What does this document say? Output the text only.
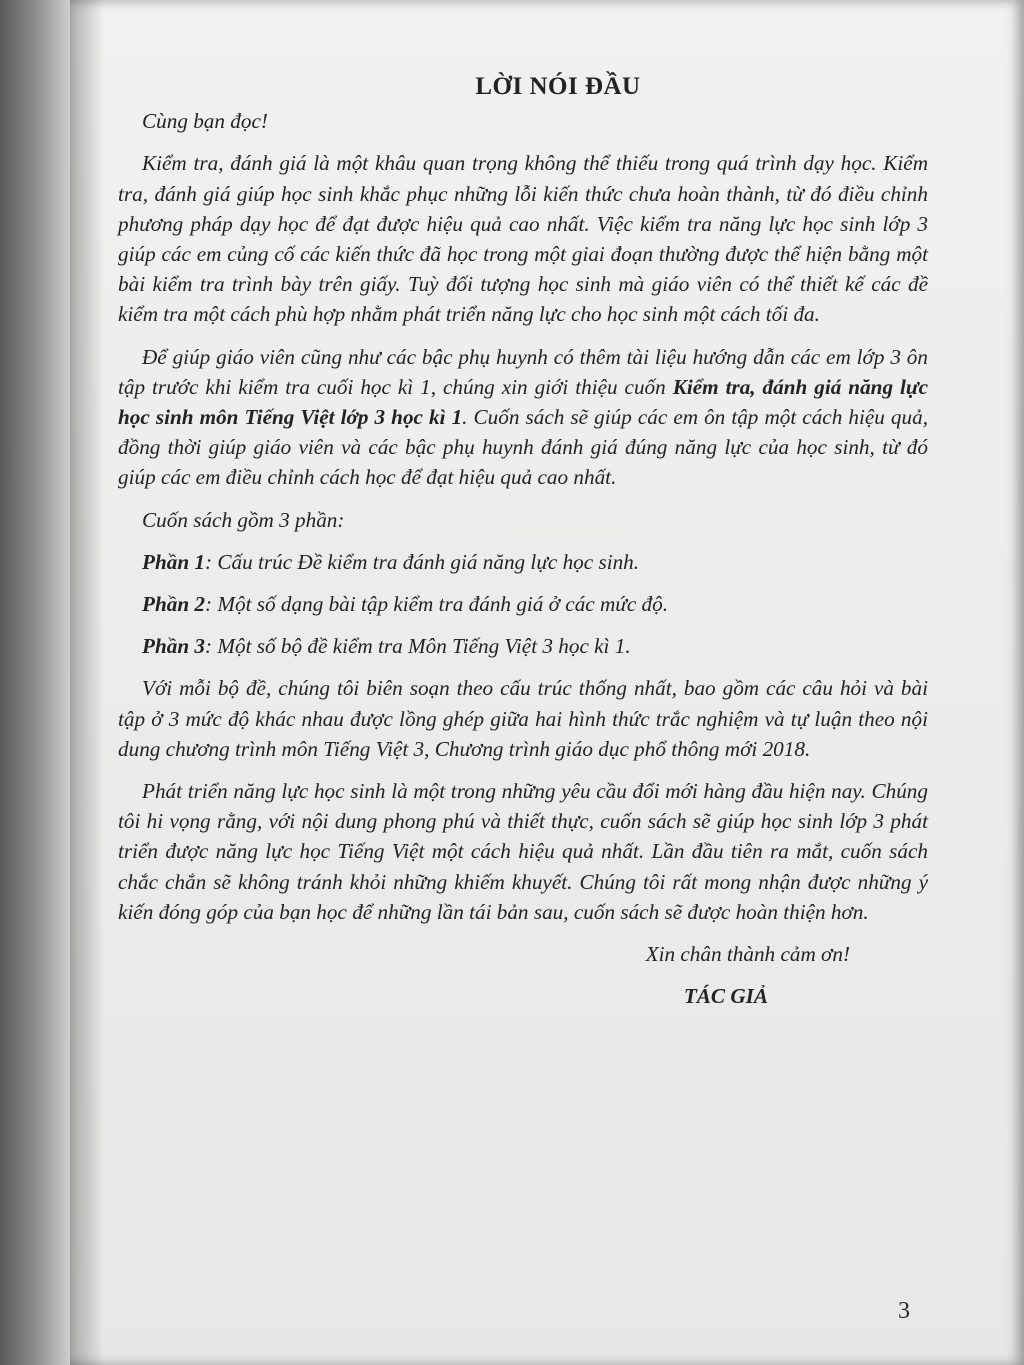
ı
LỜI NÓI ĐẦU

Cùng bạn đọc!

Kiểm tra, đánh giá là một khâu quan trọng không thể thiếu trong quá trình dạy học. Kiểm tra, đánh giá giúp học sinh khắc phục những lỗi kiến thức chưa hoàn thành, từ đó điều chỉnh phương pháp dạy học để đạt được hiệu quả cao nhất. Việc kiểm tra năng lực học sinh lớp 3 giúp các em củng cố các kiến thức đã học trong một giai đoạn thường được thể hiện bằng một bài kiểm tra trình bày trên giấy. Tuỳ đối tượng học sinh mà giáo viên có thể thiết kế các đề kiểm tra một cách phù hợp nhằm phát triển năng lực cho học sinh một cách tối đa.

Để giúp giáo viên cũng như các bậc phụ huynh có thêm tài liệu hướng dẫn các em lớp 3 ôn tập trước khi kiểm tra cuối học kì 1, chúng xin giới thiệu cuốn Kiểm tra, đánh giá năng lực học sinh môn Tiếng Việt lớp 3 học kì 1. Cuốn sách sẽ giúp các em ôn tập một cách hiệu quả, đồng thời giúp giáo viên và các bậc phụ huynh đánh giá đúng năng lực của học sinh, từ đó giúp các em điều chỉnh cách học để đạt hiệu quả cao nhất.

Cuốn sách gồm 3 phần:

Phần 1: Cấu trúc Đề kiểm tra đánh giá năng lực học sinh.

Phần 2: Một số dạng bài tập kiểm tra đánh giá ở các mức độ.

Phần 3: Một số bộ đề kiểm tra Môn Tiếng Việt 3 học kì 1.

Với mỗi bộ đề, chúng tôi biên soạn theo cấu trúc thống nhất, bao gồm các câu hỏi và bài tập ở 3 mức độ khác nhau được lồng ghép giữa hai hình thức trắc nghiệm và tự luận theo nội dung chương trình môn Tiếng Việt 3, Chương trình giáo dục phổ thông mới 2018.

Phát triển năng lực học sinh là một trong những yêu cầu đổi mới hàng đầu hiện nay. Chúng tôi hi vọng rằng, với nội dung phong phú và thiết thực, cuốn sách sẽ giúp học sinh lớp 3 phát triển được năng lực học Tiếng Việt một cách hiệu quả nhất. Lần đầu tiên ra mắt, cuốn sách chắc chắn sẽ không tránh khỏi những khiếm khuyết. Chúng tôi rất mong nhận được những ý kiến đóng góp của bạn học để những lần tái bản sau, cuốn sách sẽ được hoàn thiện hơn.

Xin chân thành cảm ơn!

TÁC GIẢ

3
